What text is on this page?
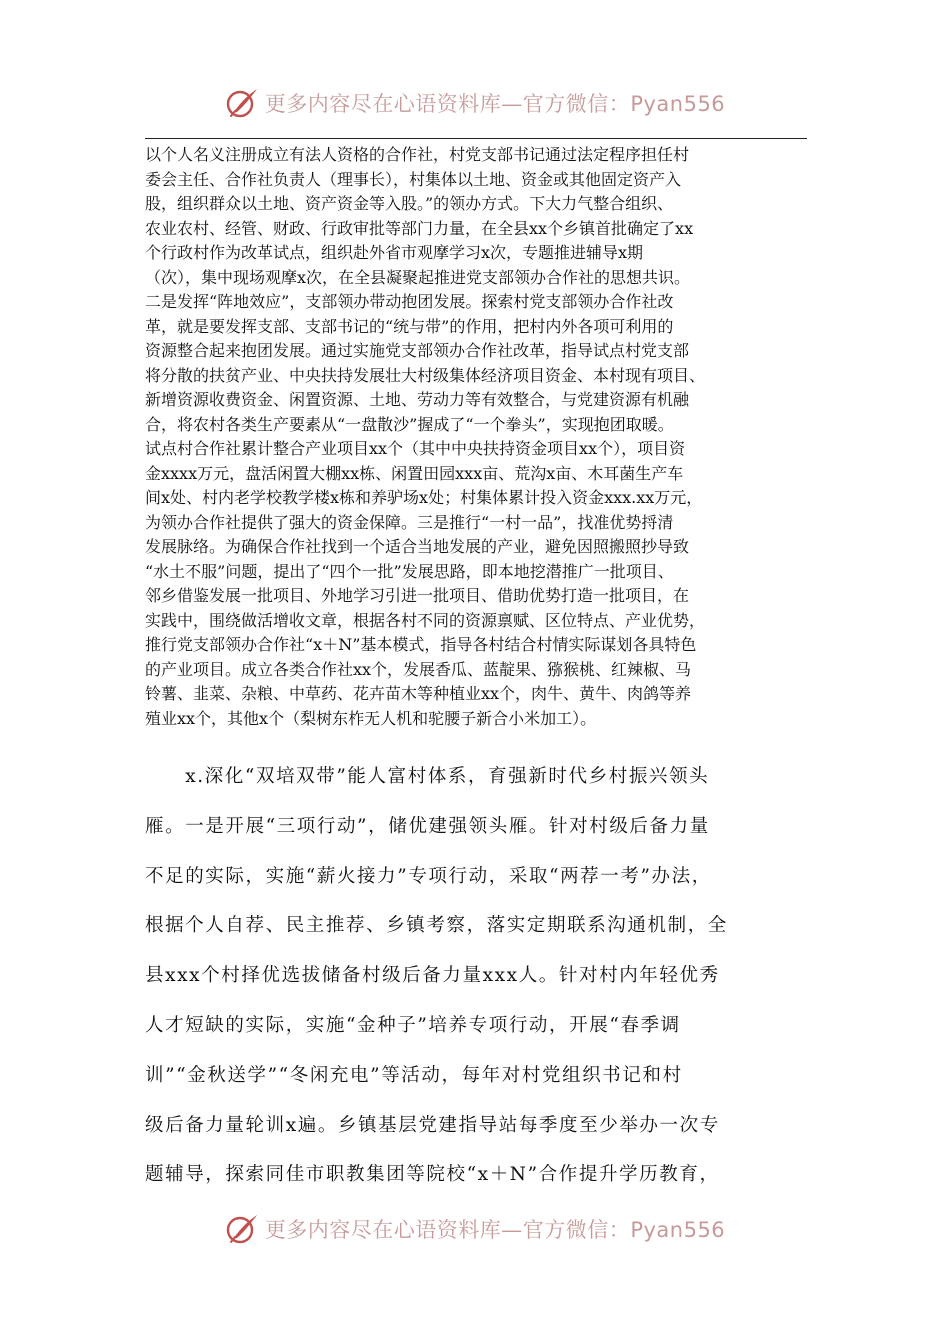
更多内容尽在心语资料库—官方微信：Pyan556
以个人名义注册成立有法人资格的合作社，村党支部书记通过法定程序担任村
委会主任、合作社负责人（理事长），村集体以土地、资金或其他固定资产入
股，组织群众以土地、资产资金等入股。”的领办方式。下大力气整合组织、
农业农村、经管、财政、行政审批等部门力量，在全县xx个乡镇首批确定了xx
个行政村作为改革试点，组织赴外省市观摩学习x次，专题推进辅导x期
（次），集中现场观摩x次，在全县凝聚起推进党支部领办合作社的思想共识。
二是发挥“阵地效应”，支部领办带动抱团发展。探索村党支部领办合作社改
革，就是要发挥支部、支部书记的“统与带”的作用，把村内外各项可利用的
资源整合起来抱团发展。通过实施党支部领办合作社改革，指导试点村党支部
将分散的扶贫产业、中央扶持发展壮大村级集体经济项目资金、本村现有项目、
新增资源收费资金、闲置资源、土地、劳动力等有效整合，与党建资源有机融
合，将农村各类生产要素从“一盘散沙”握成了“一个拳头”，实现抱团取暖。
试点村合作社累计整合产业项目xx个（其中中央扶持资金项目xx个），项目资
金xxxx万元，盘活闲置大棚xx栋、闲置田园xxx亩、荒沟x亩、木耳菌生产车
间x处、村内老学校教学楼x栋和养驴场x处；村集体累计投入资金xxx.xx万元，
为领办合作社提供了强大的资金保障。三是推行“一村一品”，找准优势捋清
发展脉络。为确保合作社找到一个适合当地发展的产业，避免因照搬照抄导致
“水土不服”问题，提出了“四个一批”发展思路，即本地挖潜推广一批项目、
邻乡借鉴发展一批项目、外地学习引进一批项目、借助优势打造一批项目，在
实践中，围绕做活增收文章，根据各村不同的资源禀赋、区位特点、产业优势，
推行党支部领办合作社“x＋N”基本模式，指导各村结合村情实际谋划各具特色
的产业项目。成立各类合作社xx个，发展香瓜、蓝靛果、猕猴桃、红辣椒、马
铃薯、韭菜、杂粮、中草药、花卉苗木等种植业xx个，肉牛、黄牛、肉鸽等养
殖业xx个，其他x个（梨树东柞无人机和驼腰子新合小米加工）。
　　x.深化“双培双带”能人富村体系，育强新时代乡村振兴领头
雁。一是开展“三项行动”，储优建强领头雁。针对村级后备力量
不足的实际，实施“薪火接力”专项行动，采取“两荐一考”办法，
根据个人自荐、民主推荐、乡镇考察，落实定期联系沟通机制，全
县xxx个村择优选拔储备村级后备力量xxx人。针对村内年轻优秀
人才短缺的实际，实施“金种子”培养专项行动，开展“春季调
训”“金秋送学”“冬闲充电”等活动，每年对村党组织书记和村
级后备力量轮训x遍。乡镇基层党建指导站每季度至少举办一次专
题辅导，探索同佳市职教集团等院校“x＋N”合作提升学历教育，
更多内容尽在心语资料库—官方微信：Pyan556
